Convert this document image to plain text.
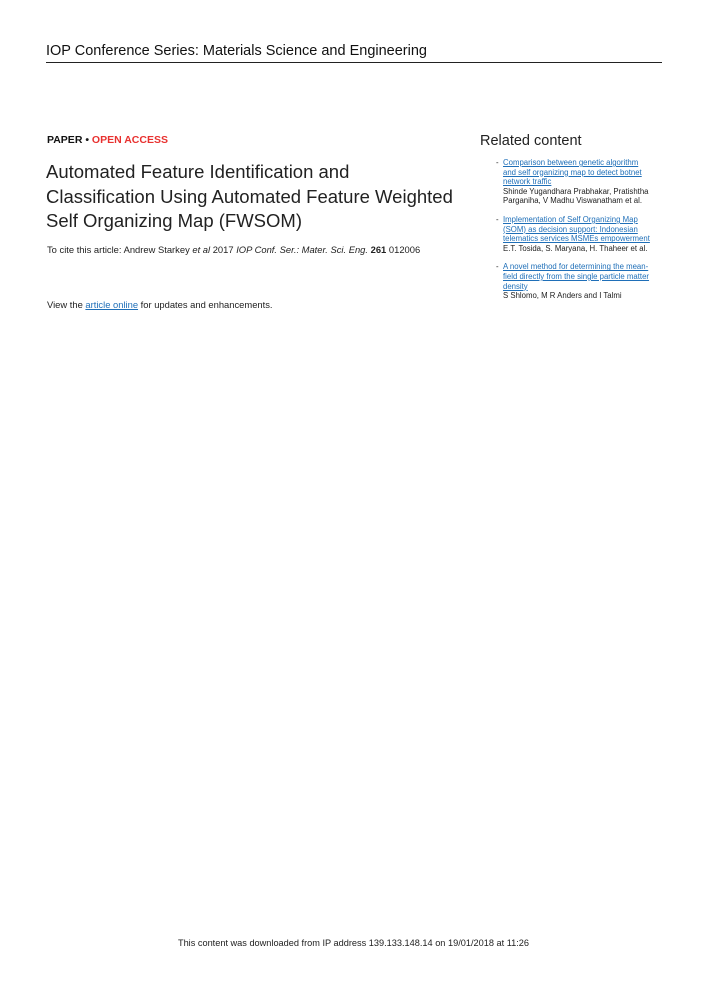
IOP Conference Series: Materials Science and Engineering
PAPER • OPEN ACCESS
Automated Feature Identification and
Classification Using Automated Feature Weighted
Self Organizing Map (FWSOM)
To cite this article: Andrew Starkey et al 2017 IOP Conf. Ser.: Mater. Sci. Eng. 261 012006
View the article online for updates and enhancements.
Related content
- Comparison between genetic algorithm
and self organizing map to detect botnet
network traffic
Shinde Yugandhara Prabhakar, Pratishtha
Parganiha, V Madhu Viswanatham et al.
- Implementation of Self Organizing Map
(SOM) as decision support: Indonesian
telematics services MSMEs empowerment
E.T. Tosida, S. Maryana, H. Thaheer et al.
- A novel method for determining the mean-
field directly from the single particle matter
density
S Shlomo, M R Anders and I Talmi
This content was downloaded from IP address 139.133.148.14 on 19/01/2018 at 11:26
